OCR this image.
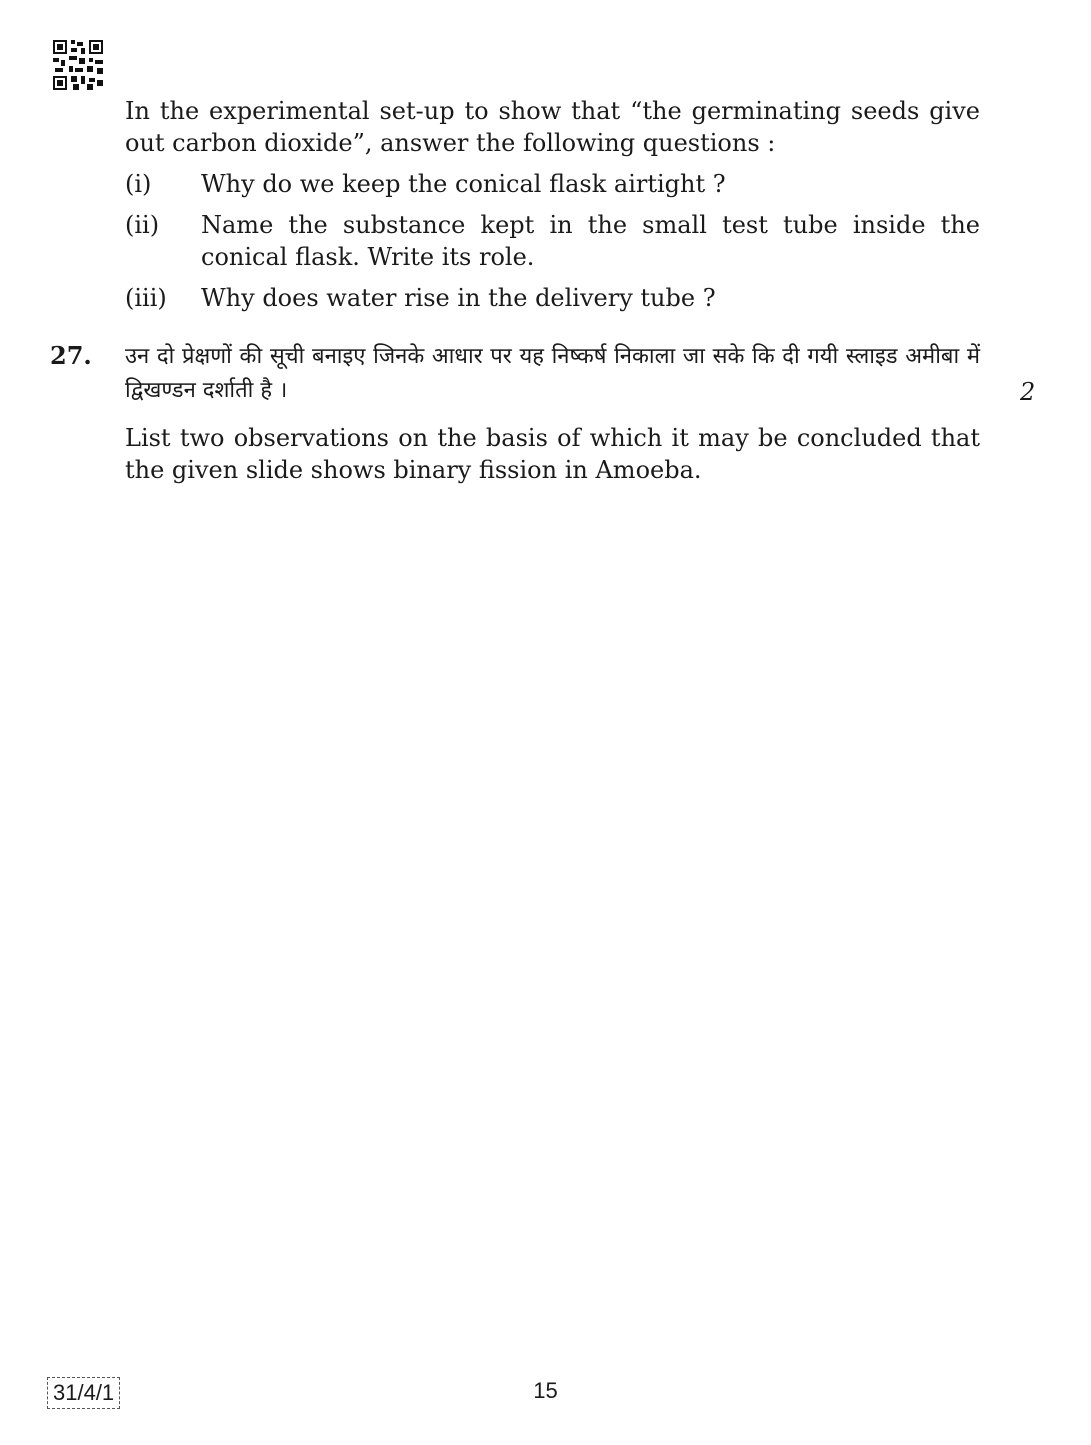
In the experimental set-up to show that “the germinating seeds give out carbon dioxide”, answer the following questions :
(i) Why do we keep the conical flask airtight ?
(ii) Name the substance kept in the small test tube inside the conical flask. Write its role.
(iii) Why does water rise in the delivery tube ?
27. उन दो प्रेक्षणों की सूची बनाइए जिनके आधार पर यह निष्कर्ष निकाला जा सके कि दी गयी स्लाइड अमीबा में द्विखण्डन दर्शाती है ।	2
List two observations on the basis of which it may be concluded that the given slide shows binary fission in Amoeba.
31/4/1	15
